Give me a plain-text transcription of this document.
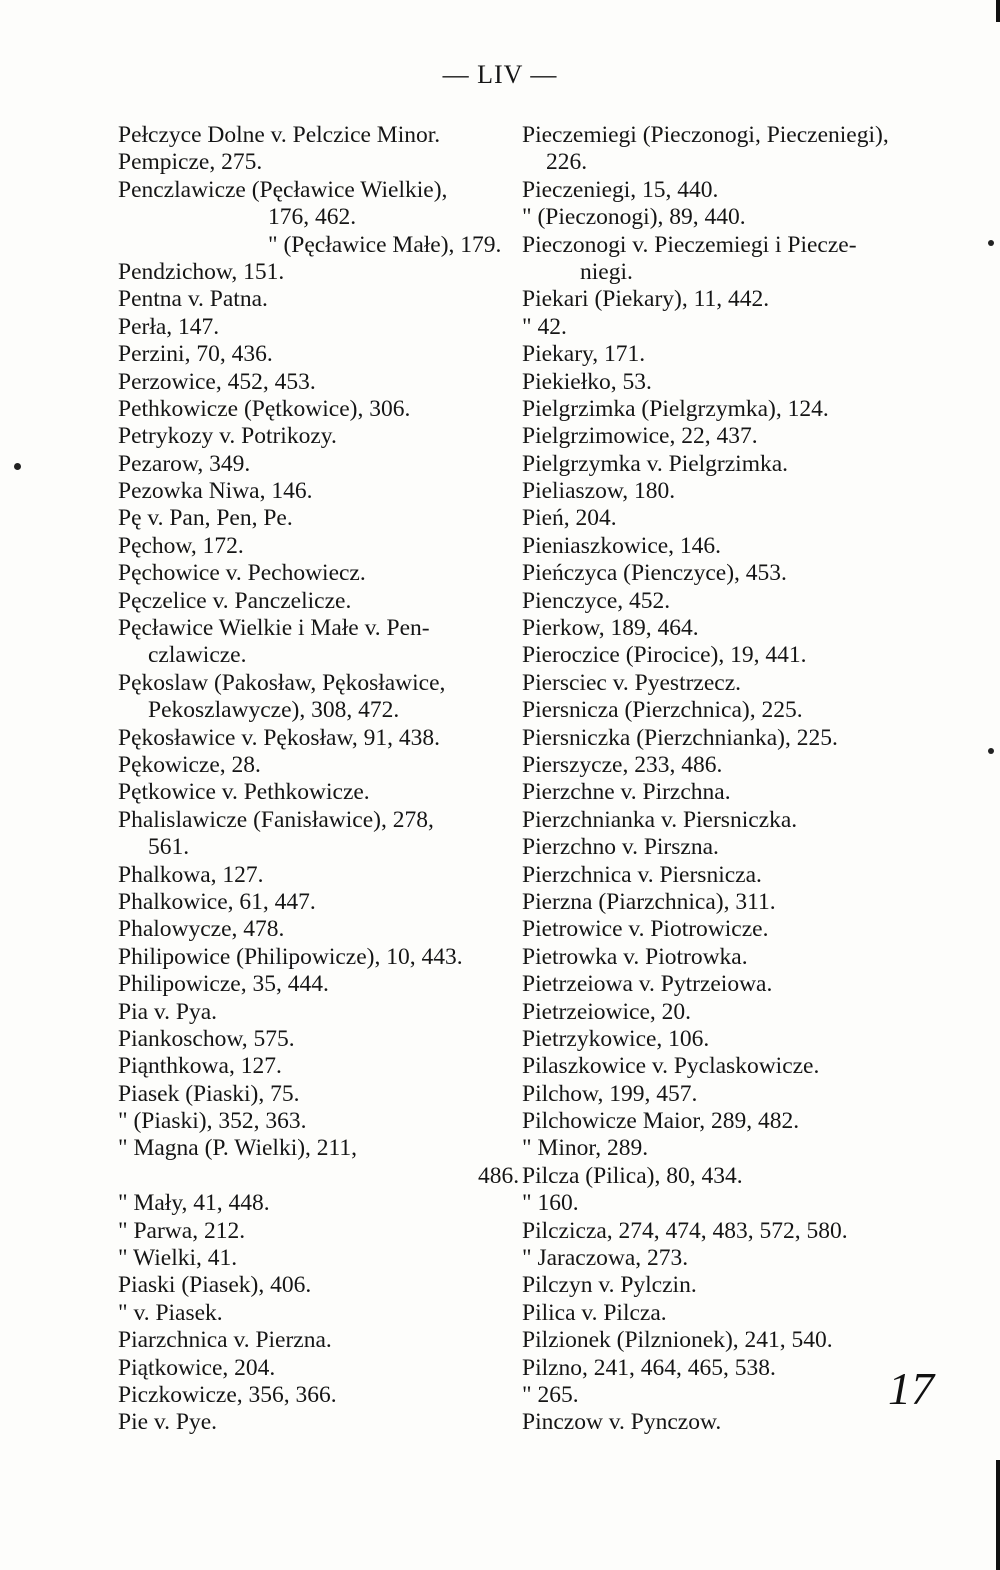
— LIV —
Pełczyce Dolne v. Pelczice Minor.
Pempicze, 275.
Penczlawicze (Pęcławice Wielkie),
176, 462.
" (Pęcławice Małe), 179.
Pendzichow, 151.
Pentna v. Patna.
Perła, 147.
Perzini, 70, 436.
Perzowice, 452, 453.
Pethkowicze (Pętkowice), 306.
Petrykozy v. Potrikozy.
Pezarow, 349.
Pezowka Niwa, 146.
Pę v. Pan, Pen, Pe.
Pęchow, 172.
Pęchowice v. Pechowiecz.
Pęczelice v. Panczelicze.
Pęcławice Wielkie i Małe v. Pen-
czlawicze.
Pękoslaw (Pakosław, Pękosławice,
Pekoszlawycze), 308, 472.
Pękosławice v. Pękosław, 91, 438.
Pękowicze, 28.
Pętkowice v. Pethkowicze.
Phalislawicze (Fanisławice), 278,
561.
Phalkowa, 127.
Phalkowice, 61, 447.
Phalowycze, 478.
Philipowice (Philipowicze), 10, 443.
Philipowicze, 35, 444.
Pia v. Pya.
Piankoschow, 575.
Piąnthkowa, 127.
Piasek (Piaski), 75.
" (Piaski), 352, 363.
" Magna (P. Wielki), 211,
486.
" Mały, 41, 448.
" Parwa, 212.
" Wielki, 41.
Piaski (Piasek), 406.
" v. Piasek.
Piarzchnica v. Pierzna.
Piątkowice, 204.
Piczkowicze, 356, 366.
Pie v. Pye.
Pieczemiegi (Pieczonogi, Pieczeniegi),
226.
Pieczeniegi, 15, 440.
" (Pieczonogi), 89, 440.
Pieczonogi v. Pieczemiegi i Piecze-
niegi.
Piekari (Piekary), 11, 442.
" 42.
Piekary, 171.
Piekiełko, 53.
Pielgrzimka (Pielgrzymka), 124.
Pielgrzimowice, 22, 437.
Pielgrzymka v. Pielgrzimka.
Pieliaszow, 180.
Pień, 204.
Pieniaszkowice, 146.
Pieńczyca (Pienczyce), 453.
Pienczyce, 452.
Pierkow, 189, 464.
Pieroczice (Pirocice), 19, 441.
Piersciec v. Pyestrzecz.
Piersnicza (Pierzchnica), 225.
Piersniczka (Pierzchnianka), 225.
Pierszycze, 233, 486.
Pierzchne v. Pirzchna.
Pierzchnianka v. Piersniczka.
Pierzchno v. Pirszna.
Pierzchnica v. Piersnicza.
Pierzna (Piarzchnica), 311.
Pietrowice v. Piotrowicze.
Pietrowka v. Piotrowka.
Pietrzeiowa v. Pytrzeiowa.
Pietrzeiowice, 20.
Pietrzykowice, 106.
Pilaszkowice v. Pyclaskowicze.
Pilchow, 199, 457.
Pilchowicze Maior, 289, 482.
" Minor, 289.
Pilcza (Pilica), 80, 434.
" 160.
Pilczicza, 274, 474, 483, 572, 580.
" Jaraczowa, 273.
Pilczyn v. Pylczin.
Pilica v. Pilcza.
Pilzionek (Pilznionek), 241, 540.
Pilzno, 241, 464, 465, 538.
" 265.
Pinczow v. Pynczow.
17
